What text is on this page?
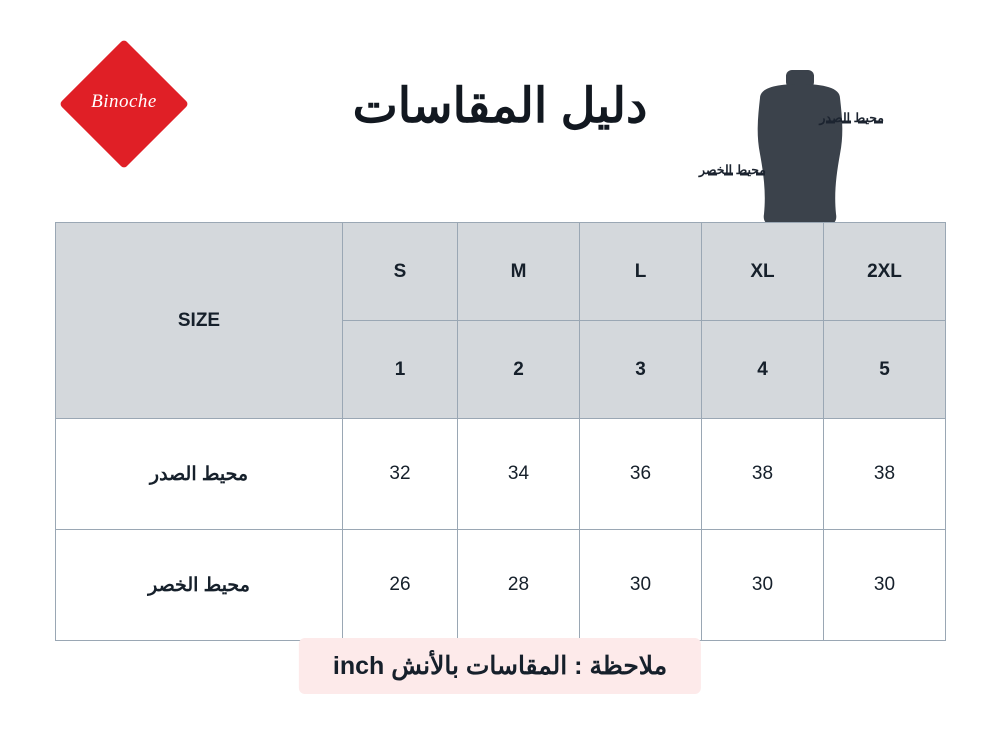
Binoche	دليل المقاسات	محيط الصدر
محيط الخصر
2XL	XL	L	M	S	SIZE
5	4	3	2	1	
38	38	36	34	32	محيط الصدر
30	30	30	28	26	محيط الخصر
ملاحظة : المقاسات بالأنش inch
